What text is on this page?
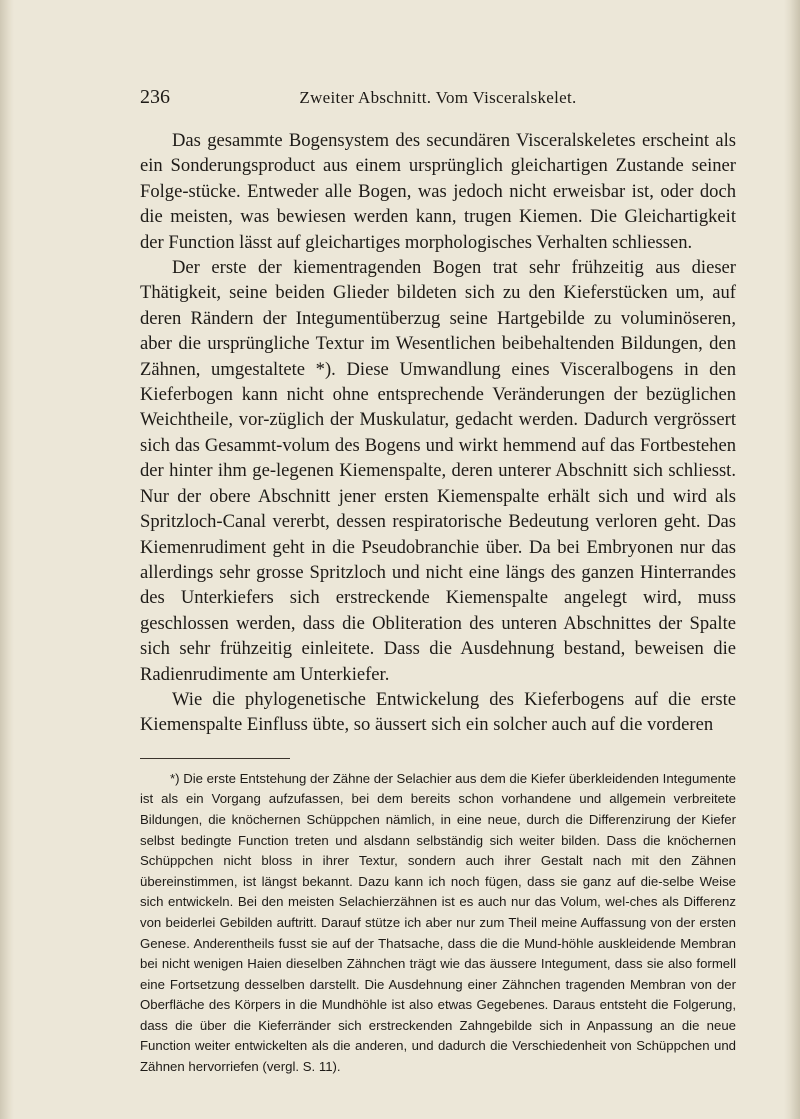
236	Zweiter Abschnitt. Vom Visceralskelet.

Das gesammte Bogensystem des secundären Visceralskeletes erscheint als ein Sonderungsproduct aus einem ursprünglich gleichartigen Zustande seiner Folge-stücke. Entweder alle Bogen, was jedoch nicht erweisbar ist, oder doch die meisten, was bewiesen werden kann, trugen Kiemen. Die Gleichartigkeit der Function lässt auf gleichartiges morphologisches Verhalten schliessen.

Der erste der kiementragenden Bogen trat sehr frühzeitig aus dieser Thätigkeit, seine beiden Glieder bildeten sich zu den Kieferstücken um, auf deren Rändern der Integumentüberzug seine Hartgebilde zu voluminöseren, aber die ursprüngliche Textur im Wesentlichen beibehaltenden Bildungen, den Zähnen, umgestaltete *). Diese Umwandlung eines Visceralbogens in den Kieferbogen kann nicht ohne entsprechende Veränderungen der bezüglichen Weichtheile, vor-züglich der Muskulatur, gedacht werden. Dadurch vergrössert sich das Gesammt-volum des Bogens und wirkt hemmend auf das Fortbestehen der hinter ihm ge-legenen Kiemenspalte, deren unterer Abschnitt sich schliesst. Nur der obere Abschnitt jener ersten Kiemenspalte erhält sich und wird als Spritzloch-Canal vererbt, dessen respiratorische Bedeutung verloren geht. Das Kiemenrudiment geht in die Pseudobranchie über. Da bei Embryonen nur das allerdings sehr grosse Spritzloch und nicht eine längs des ganzen Hinterrandes des Unterkiefers sich erstreckende Kiemenspalte angelegt wird, muss geschlossen werden, dass die Obliteration des unteren Abschnittes der Spalte sich sehr frühzeitig einleitete. Dass die Ausdehnung bestand, beweisen die Radienrudimente am Unterkiefer.

Wie die phylogenetische Entwickelung des Kieferbogens auf die erste Kiemenspalte Einfluss übte, so äussert sich ein solcher auch auf die vorderen

*) Die erste Entstehung der Zähne der Selachier aus dem die Kiefer überkleidenden Integumente ist als ein Vorgang aufzufassen, bei dem bereits schon vorhandene und allgemein verbreitete Bildungen, die knöchernen Schüppchen nämlich, in eine neue, durch die Differenzirung der Kiefer selbst bedingte Function treten und alsdann selbständig sich weiter bilden. Dass die knöchernen Schüppchen nicht bloss in ihrer Textur, sondern auch ihrer Gestalt nach mit den Zähnen übereinstimmen, ist längst bekannt. Dazu kann ich noch fügen, dass sie ganz auf die-selbe Weise sich entwickeln. Bei den meisten Selachierzähnen ist es auch nur das Volum, wel-ches als Differenz von beiderlei Gebilden auftritt. Darauf stütze ich aber nur zum Theil meine Auffassung von der ersten Genese. Anderentheils fusst sie auf der Thatsache, dass die die Mund-höhle auskleidende Membran bei nicht wenigen Haien dieselben Zähnchen trägt wie das äussere Integument, dass sie also formell eine Fortsetzung desselben darstellt. Die Ausdehnung einer Zähnchen tragenden Membran von der Oberfläche des Körpers in die Mundhöhle ist also etwas Gegebenes. Daraus entsteht die Folgerung, dass die über die Kieferränder sich erstreckenden Zahngebilde sich in Anpassung an die neue Function weiter entwickelten als die anderen, und dadurch die Verschiedenheit von Schüppchen und Zähnen hervorriefen (vergl. S. 11).
